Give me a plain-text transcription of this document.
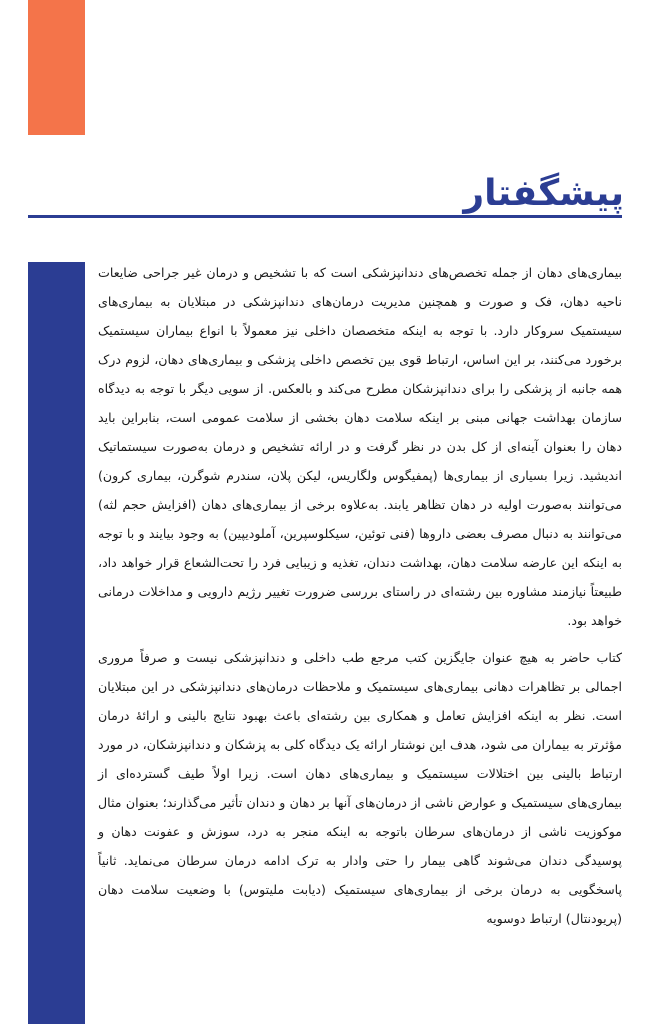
پیشگفتار

بیماری‌های دهان از جمله تخصص‌های دندانپزشکی است که با تشخیص و درمان غیر جراحی ضایعات ناحیه دهان، فک و صورت و همچنین مدیریت درمان‌های دندانپزشکی در مبتلایان به بیماری‌های سیستمیک سروکار دارد. با توجه به اینکه متخصصان داخلی نیز معمولاً با انواع بیماران سیستمیک برخورد می‌کنند، بر این اساس، ارتباط قوی بین تخصص داخلی پزشکی و بیماری‌های دهان، لزوم درک همه جانبه از پزشکی را برای دندانپزشکان مطرح می‌کند و بالعکس. از سویی دیگر با توجه به دیدگاه سازمان بهداشت جهانی مبنی بر اینکه سلامت دهان بخشی از سلامت عمومی است، بنابراین باید دهان را بعنوان آینه‌ای از کل بدن در نظر گرفت و در ارائه تشخیص و درمان به‌صورت سیستماتیک اندیشید. زیرا بسیاری از بیماری‌ها (پمفیگوس ولگاریس، لیکن پلان، سندرم شوگرن، بیماری کرون) می‌توانند به‌صورت اولیه در دهان تظاهر یابند. به‌علاوه برخی از بیماری‌های دهان (افزایش حجم لثه) می‌توانند به دنبال مصرف بعضی داروها (فنی توئین، سیکلوسپرین، آملودیپین) به وجود بیایند و با توجه به اینکه این عارضه سلامت دهان، بهداشت دندان، تغذیه و زیبایی فرد را تحت‌الشعاع قرار خواهد داد، طبیعتاً نیازمند مشاوره بین رشته‌ای در راستای بررسی ضرورت تغییر رژیم دارویی و مداخلات درمانی خواهد بود.

کتاب حاضر به هیچ عنوان جایگزین کتب مرجع طب داخلی و دندانپزشکی نیست و صرفاً مروری اجمالی بر تظاهرات دهانی بیماری‌های سیستمیک و ملاحظات درمان‌های دندانپزشکی در این مبتلایان است. نظر به اینکه افزایش تعامل و همکاری بین رشته‌ای باعث بهبود نتایج بالینی و ارائهٔ درمان مؤثرتر به بیماران می شود، هدف این نوشتار ارائه یک دیدگاه کلی به پزشکان و دندانپزشکان، در مورد ارتباط بالینی بین اختلالات سیستمیک و بیماری‌های دهان است. زیرا اولاً طیف گسترده‌ای از بیماری‌های سیستمیک و عوارض ناشی از درمان‌های آنها بر دهان و دندان تأثیر می‌گذارند؛ بعنوان مثال موکوزیت ناشی از درمان‌های سرطان باتوجه به اینکه منجر به درد، سوزش و عفونت دهان و پوسیدگی دندان می‌شوند گاهی بیمار را حتی وادار به ترک ادامه درمان سرطان می‌نماید. ثانیاً پاسخگویی به درمان برخی از بیماری‌های سیستمیک (دیابت ملیتوس) با وضعیت سلامت دهان (پریودنتال) ارتباط دوسویه
